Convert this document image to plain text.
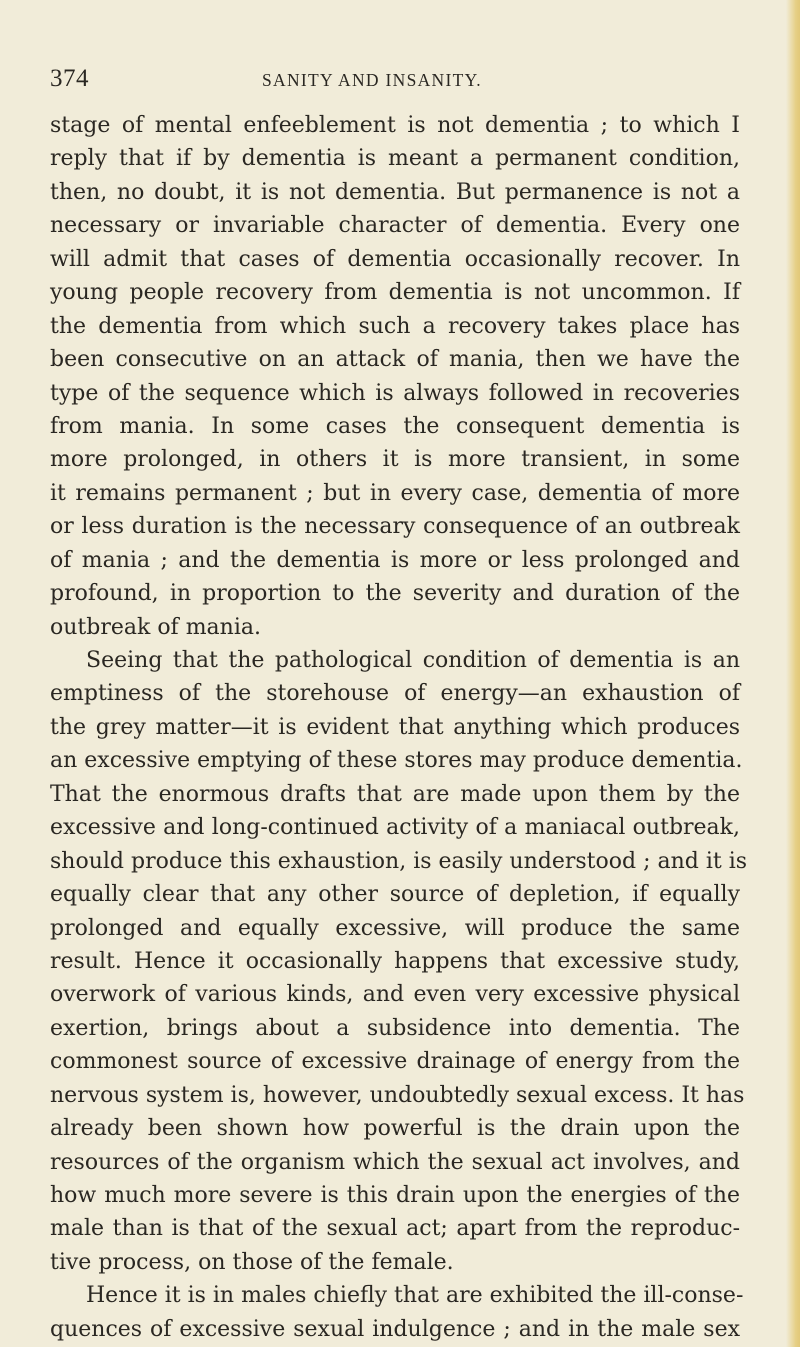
374	SANITY AND INSANITY.
stage of mental enfeeblement is not dementia ; to which I
reply that if by dementia is meant a permanent condition,
then, no doubt, it is not dementia. But permanence is not a
necessary or invariable character of dementia. Every one
will admit that cases of dementia occasionally recover. In
young people recovery from dementia is not uncommon. If
the dementia from which such a recovery takes place has
been consecutive on an attack of mania, then we have the
type of the sequence which is always followed in recoveries
from mania. In some cases the consequent dementia is
more prolonged, in others it is more transient, in some
it remains permanent ; but in every case, dementia of more
or less duration is the necessary consequence of an outbreak
of mania ; and the dementia is more or less prolonged and
profound, in proportion to the severity and duration of the
outbreak of mania.
Seeing that the pathological condition of dementia is an
emptiness of the storehouse of energy—an exhaustion of
the grey matter—it is evident that anything which produces
an excessive emptying of these stores may produce dementia.
That the enormous drafts that are made upon them by the
excessive and long-continued activity of a maniacal outbreak,
should produce this exhaustion, is easily understood ; and it is
equally clear that any other source of depletion, if equally
prolonged and equally excessive, will produce the same
result. Hence it occasionally happens that excessive study,
overwork of various kinds, and even very excessive physical
exertion, brings about a subsidence into dementia. The
commonest source of excessive drainage of energy from the
nervous system is, however, undoubtedly sexual excess. It has
already been shown how powerful is the drain upon the
resources of the organism which the sexual act involves, and
how much more severe is this drain upon the energies of the
male than is that of the sexual act; apart from the reproduc-
tive process, on those of the female.
Hence it is in males chiefly that are exhibited the ill-conse-
quences of excessive sexual indulgence ; and in the male sex
